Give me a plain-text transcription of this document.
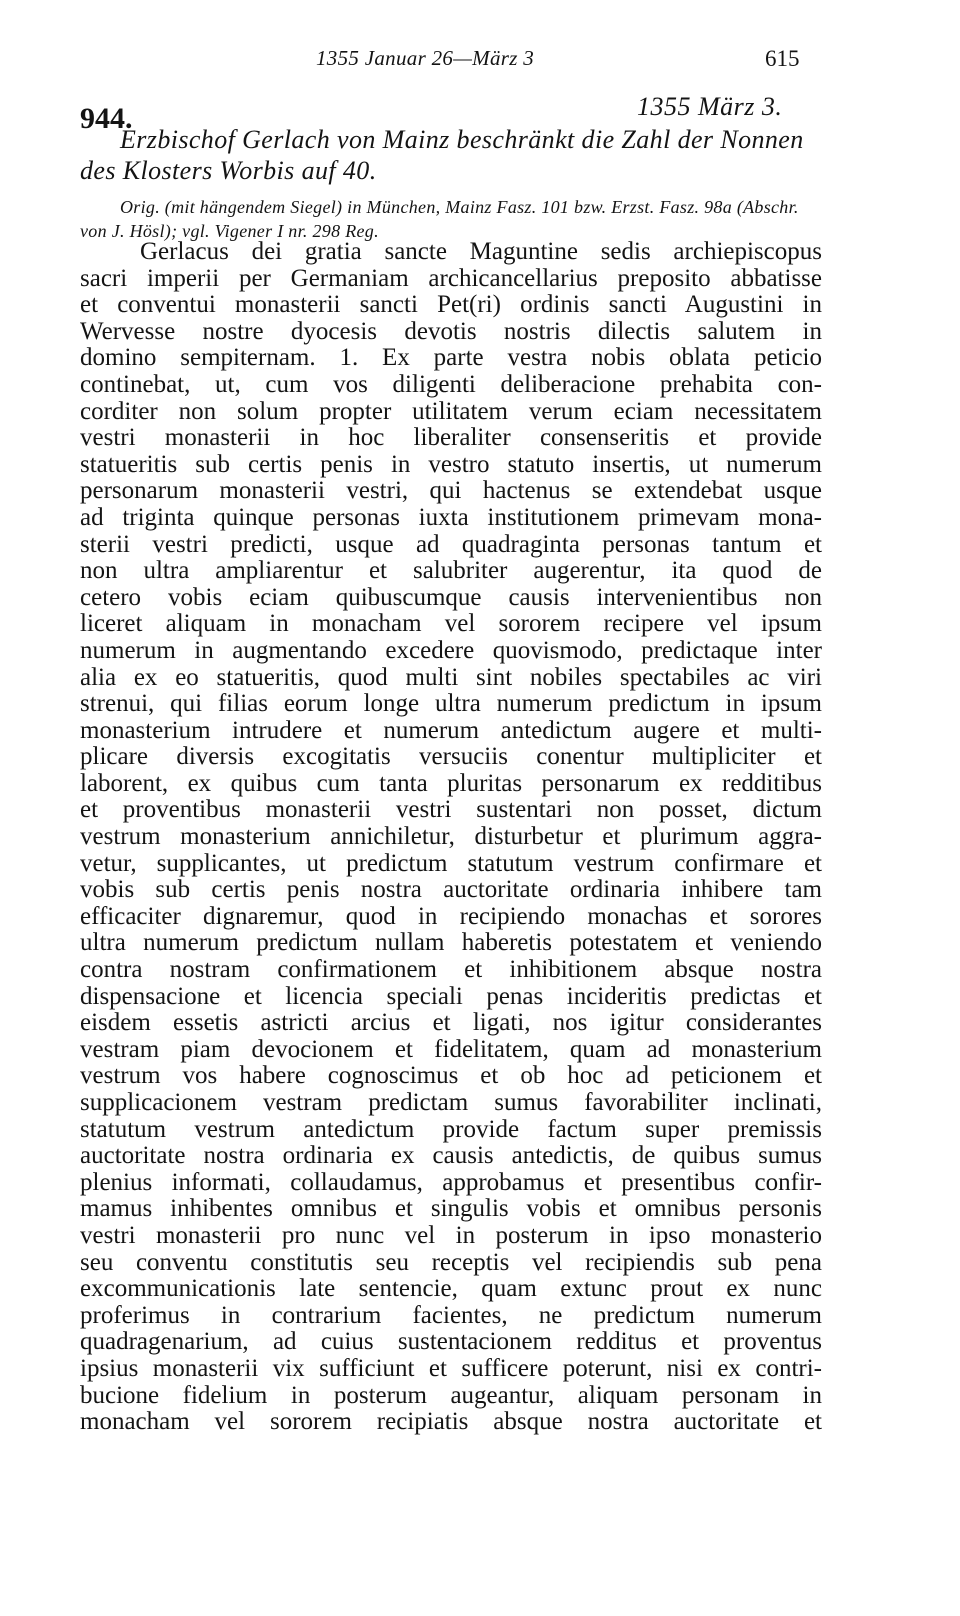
1355 Januar 26—März 3	615
944.	1355 März 3.

Erzbischof Gerlach von Mainz beschränkt die Zahl der Nonnen des Klosters Worbis auf 40.

Orig. (mit hängendem Siegel) in München, Mainz Fasz. 101 bzw. Erzst. Fasz. 98a (Abschr. von J. Hösl); vgl. Vigener I nr. 298 Reg.

Gerlacus dei gratia sancte Maguntine sedis archiepiscopus
sacri imperii per Germaniam archicancellarius preposito abbatisse
et conventui monasterii sancti Pet(ri) ordinis sancti Augustini in
Wervesse nostre dyocesis devotis nostris dilectis salutem in
domino sempiternam. 1. Ex parte vestra nobis oblata peticio
continebat, ut, cum vos diligenti deliberacione prehabita con-
corditer non solum propter utilitatem verum eciam necessitatem
vestri monasterii in hoc liberaliter consenseritis et provide
statueritis sub certis penis in vestro statuto insertis, ut numerum
personarum monasterii vestri, qui hactenus se extendebat usque
ad triginta quinque personas iuxta institutionem primevam mona-
sterii vestri predicti, usque ad quadraginta personas tantum et
non ultra ampliarentur et salubriter augerentur, ita quod de
cetero vobis eciam quibuscumque causis intervenientibus non
liceret aliquam in monacham vel sororem recipere vel ipsum
numerum in augmentando excedere quovismodo, predictaque inter
alia ex eo statueritis, quod multi sint nobiles spectabiles ac viri
strenui, qui filias eorum longe ultra numerum predictum in ipsum
monasterium intrudere et numerum antedictum augere et multi-
plicare diversis excogitatis versuciis conentur multipliciter et
laborent, ex quibus cum tanta pluritas personarum ex redditibus
et proventibus monasterii vestri sustentari non posset, dictum
vestrum monasterium annichiletur, disturbetur et plurimum aggra-
vetur, supplicantes, ut predictum statutum vestrum confirmare et
vobis sub certis penis nostra auctoritate ordinaria inhibere tam
efficaciter dignaremur, quod in recipiendo monachas et sorores
ultra numerum predictum nullam haberetis potestatem et veniendo
contra nostram confirmationem et inhibitionem absque nostra
dispensacione et licencia speciali penas incideritis predictas et
eisdem essetis astricti arcius et ligati, nos igitur considerantes
vestram piam devocionem et fidelitatem, quam ad monasterium
vestrum vos habere cognoscimus et ob hoc ad peticionem et
supplicacionem vestram predictam sumus favorabiliter inclinati,
statutum vestrum antedictum provide factum super premissis
auctoritate nostra ordinaria ex causis antedictis, de quibus sumus
plenius informati, collaudamus, approbamus et presentibus confir-
mamus inhibentes omnibus et singulis vobis et omnibus personis
vestri monasterii pro nunc vel in posterum in ipso monasterio
seu conventu constitutis seu receptis vel recipiendis sub pena
excommunicationis late sentencie, quam extunc prout ex nunc
proferimus in contrarium facientes, ne predictum numerum
quadragenarium, ad cuius sustentacionem redditus et proventus
ipsius monasterii vix sufficiunt et sufficere poterunt, nisi ex contri-
bucione fidelium in posterum augeantur, aliquam personam in
monacham vel sororem recipiatis absque nostra auctoritate et
